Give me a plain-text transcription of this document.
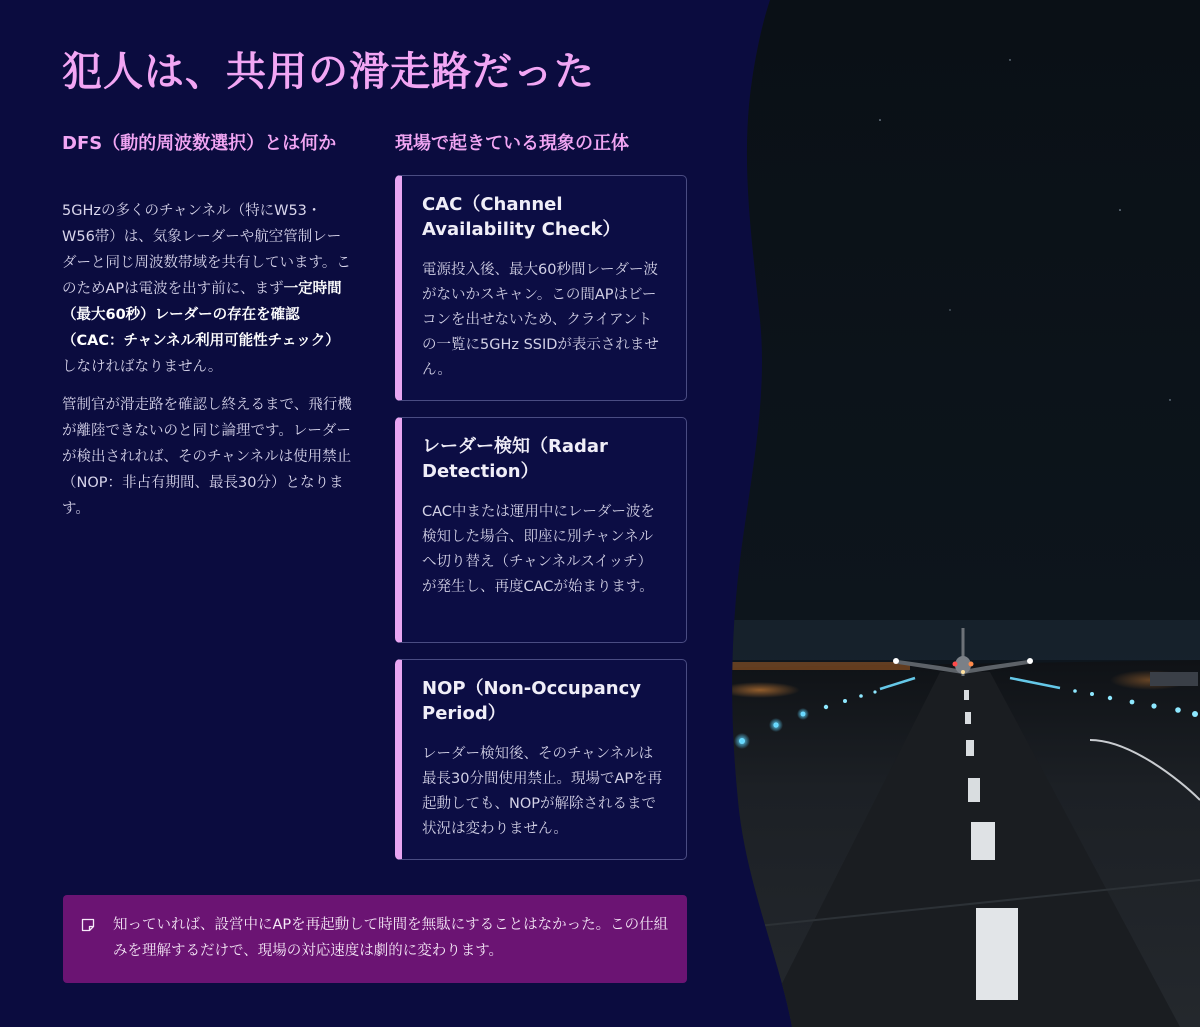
犯人は、共用の滑走路だった
DFS（動的周波数選択）とは何か

5GHzの多くのチャンネル（特にW53・W56帯）は、気象レーダーや航空管制レーダーと同じ周波数帯域を共有しています。このためAPは電波を出す前に、まず一定時間（最大60秒）レーダーの存在を確認（CAC：チャンネル利用可能性チェック）しなければなりません。

管制官が滑走路を確認し終えるまで、飛行機が離陸できないのと同じ論理です。レーダーが検出されれば、そのチャンネルは使用禁止（NOP：非占有期間、最長30分）となります。

現場で起きている現象の正体
CAC（Channel Availability Check）

電源投入後、最大60秒間レーダー波がないかスキャン。この間APはビーコンを出せないため、クライアントの一覧に5GHz SSIDが表示されません。

レーダー検知（Radar Detection）

CAC中または運用中にレーダー波を検知した場合、即座に別チャンネルへ切り替え（チャンネルスイッチ）が発生し、再度CACが始まります。

NOP（Non-Occupancy Period）

レーダー検知後、そのチャンネルは最長30分間使用禁止。現場でAPを再起動しても、NOPが解除されるまで状況は変わりません。

知っていれば、設営中にAPを再起動して時間を無駄にすることはなかった。この仕組みを理解するだけで、現場の対応速度は劇的に変わります。
